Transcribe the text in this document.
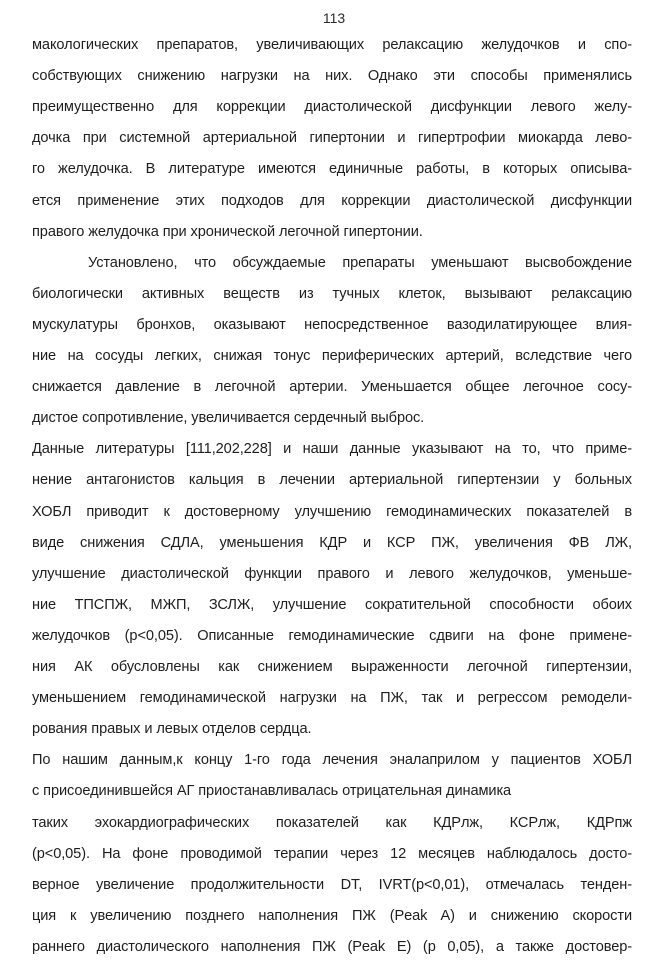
113
макологических препаратов, увеличивающих релаксацию желудочков и спо-
собствующих снижению нагрузки на них. Однако эти способы применялись
преимущественно для коррекции диастолической дисфункции левого желу-
дочка при системной артериальной гипертонии и гипертрофии миокарда лево-
го желудочка. В литературе имеются единичные работы, в которых описыва-
ется применение этих подходов для коррекции диастолической дисфункции
правого желудочка при хронической легочной гипертонии.
Установлено, что обсуждаемые препараты уменьшают высвобождение
биологически активных веществ из тучных клеток, вызывают релаксацию
мускулатуры бронхов, оказывают непосредственное вазодилатирующее влия-
ние на сосуды легких, снижая тонус периферических артерий, вследствие чего
снижается давление в легочной артерии. Уменьшается общее легочное сосу-
дистое сопротивление, увеличивается сердечный выброс.
Данные литературы [111,202,228] и наши данные указывают на то, что приме-
нение антагонистов кальция в лечении артериальной гипертензии у больных
ХОБЛ приводит к достоверному улучшению гемодинамических показателей в
виде снижения СДЛА, уменьшения КДР и КСР ПЖ, увеличения ФВ ЛЖ,
улучшение диастолической функции правого и левого желудочков, уменьше-
ние ТПСПЖ, МЖП, ЗСЛЖ, улучшение сократительной способности обоих
желудочков (p<0,05). Описанные гемодинамические сдвиги на фоне примене-
ния АК обусловлены как снижением выраженности легочной гипертензии,
уменьшением гемодинамической нагрузки на ПЖ, так и регрессом ремодели-
рования правых и левых отделов сердца.
По нашим данным,к концу 1-го года лечения эналаприлом у пациентов ХОБЛ
с присоединившейся АГ приостанавливалась отрицательная динамика
таких эхокардиографических показателей как КДРлж, КСРлж, КДРпж
(р<0,05). На фоне проводимой терапии через 12 месяцев наблюдалось досто-
верное увеличение продолжительности DT, IVRT(р<0,01), отмечалась тенден-
ция к увеличению позднего наполнения ПЖ (Peak A) и снижению скорости
раннего диастолического наполнения ПЖ (Peak E) (р 0,05), а также достовер-
